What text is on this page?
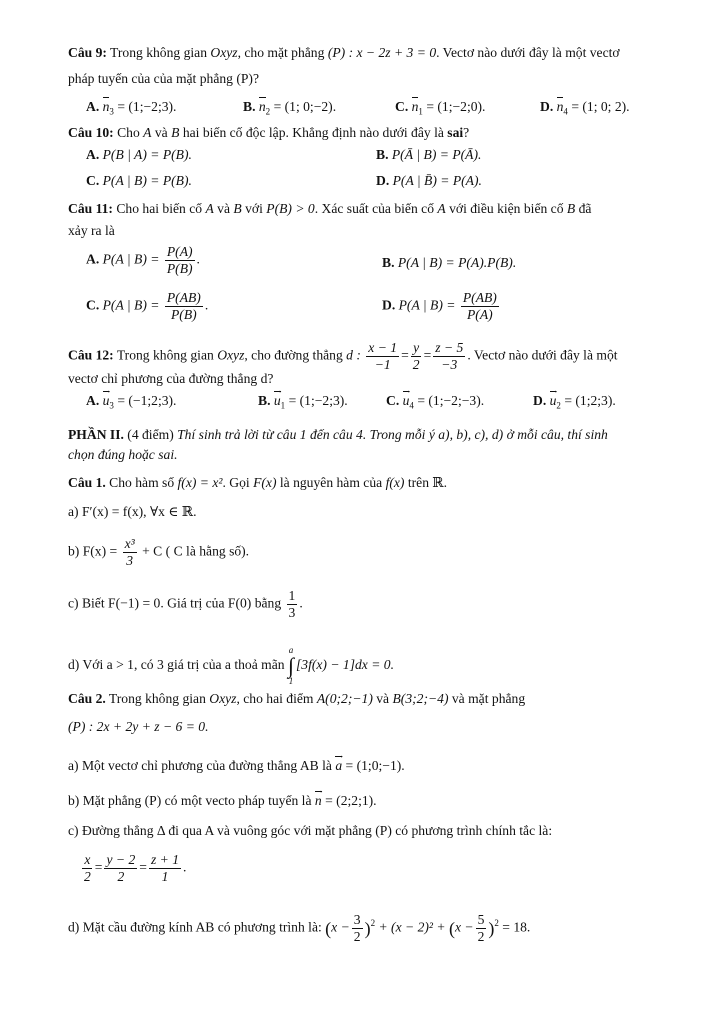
Câu 9: Trong không gian Oxyz, cho mặt phẳng (P) : x − 2z + 3 = 0. Vectơ nào dưới đây là một vectơ
pháp tuyến của của mặt phẳng (P)?
A. $n_3$ = (1;−2;3).	B. $n_2 = (1$; 0;−2).	C. $n_1$ = (1;−2;0).	D. $n_4 = (1$; 0; 2).
Câu 10: Cho A và B hai biến cố độc lập. Khẳng định nào dưới đây là sai?
A. P(B | A) = P(B).	B. P(Ā | B) = P(Ā).
C. P(A | B) = P(B).	D. P(A | B̄) = P(A).
Câu 11: Cho hai biến cố A và B với P(B) > 0. Xác suất của biến cố A với điều kiện biến cố B đã
xảy ra là
A. P(A | $B) = \frac{P(A)}{P(B)}$ .	B. P(A | B) = P(A).P(B).
C. P(A | $B) = \frac{P(AB)}{P(B)}$ .	D. P(A | $B) = \frac{P(AB)}{P(A)}$
Câu 12: Trong không gian Oxyz, cho đường thẳng d : $\frac{x - 1}{-1} = \frac{y}{2} = \frac{z - 5}{-3}$ . Vectơ nào dưới đây là một
vectơ chỉ phương của đường thẳng d?
A. $u \to_3$ = (−1;2;3).	B. $u \to_1$ = (1;−2;3).	C. $u \to_4$ = (1;−2;−3).	D. $u \to_2$ = (1;2;3).
PHẦN II. (4 điểm) Thí sinh trả lời từ câu 1 đến câu 4. Trong mỗi ý a), b), c), d) ở mỗi câu, thí sinh
chọn đúng hoặc sai.
Câu 1. Cho hàm số f(x) = x². Gọi F(x) là nguyên hàm của f(x) trên ℝ.
a) F′(x) = f(x), ∀x ∈ ℝ.
b) $F(x) = \frac{\text{x³}}{3} + C$ ( C là hằng số).
c) Biết F(−1) = 0. Giá trị của F(0) bằng $\frac{1}{3}$ .
d) Với a > 1, có 3 giá trị của a thoả mãn
a
∫
1
[3f(x) − 1]dx = 0.
Câu 2. Trong không gian Oxyz, cho hai điểm A(0;2;−1) và B(3;2;−4) và mặt phẳng
(P) : 2x + 2y + z − 6 = 0.
a) Một vectơ chỉ phương của đường thẳng AB là a → = (1;0;−1).
b) Mặt phẳng (P) có một vecto pháp tuyến là n → = (2;2;1).
c) Đường thẳng Δ đi qua A và vuông góc với mặt phẳng (P) có phương trình chính tắc là:
$\frac{x}{2} = \frac{y - 2}{2} = \frac{z + 1}{1}$ .
d) Mặt cầu đường kính AB có phương trình là: $(x - \frac{3}{2} )^2 + (x - 2)^2 + (x - \frac{5}{2} )^2 = 18$.
